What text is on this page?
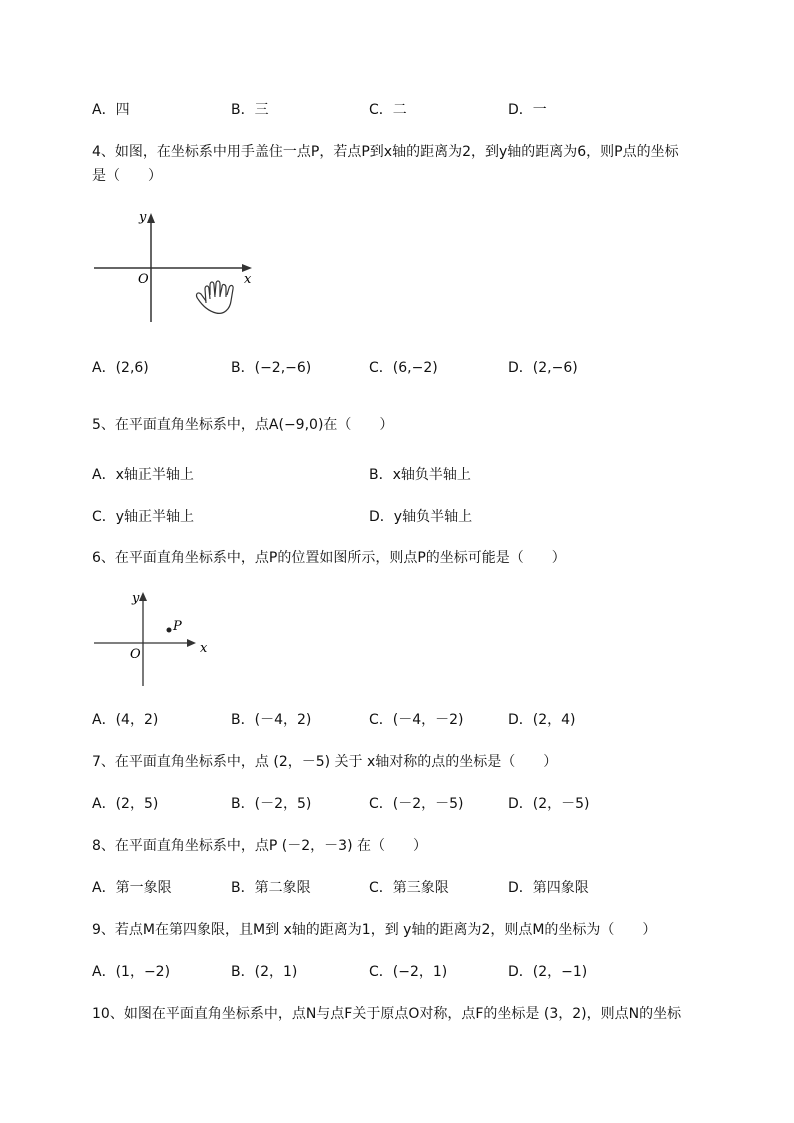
A．四	B．三	C．二	D．一
4、如图，在坐标系中用手盖住一点P，若点P到x轴的距离为2，到y轴的距离为6，则P点的坐标
是（　　）
y
x
O
A．(2,6)	B．(−2,−6)	C．(6,−2)	D．(2,−6)
5、在平面直角坐标系中，点A(−9,0)在（　　）
A．x轴正半轴上	B．x轴负半轴上
C．y轴正半轴上	D．y轴负半轴上
6、在平面直角坐标系中，点P的位置如图所示，则点P的坐标可能是（　　）
P
y
x
O
A．(4，2)	B．(－4，2)	C．(－4，－2)	D．(2，4)
7、在平面直角坐标系中，点 (2，－5) 关于 x轴对称的点的坐标是（　　）
A．(2，5)	B．(－2，5)	C．(－2，－5)	D．(2，－5)
8、在平面直角坐标系中，点P (－2，－3) 在（　　）
A．第一象限	B．第二象限	C．第三象限	D．第四象限
9、若点M在第四象限，且M到 x轴的距离为1，到 y轴的距离为2，则点M的坐标为（　　）
A．(1，−2)	B．(2，1)	C．(−2，1)	D．(2，−1)
10、如图在平面直角坐标系中，点N与点F关于原点O对称，点F的坐标是 (3，2)，则点N的坐标
